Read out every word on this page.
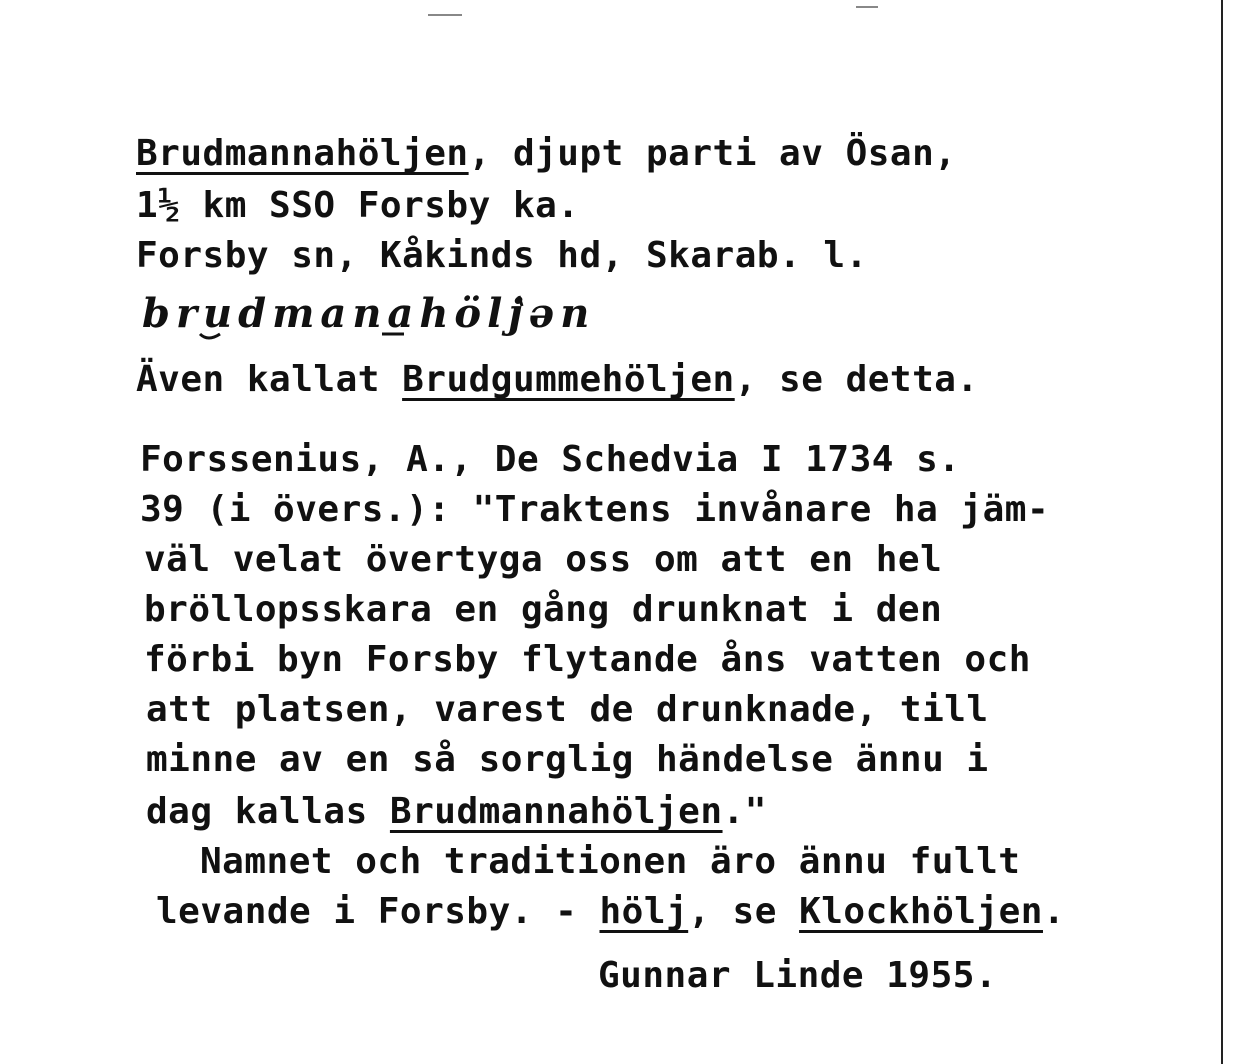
Brudmannahöljen, djupt parti av Ösan,
1½ km SSO Forsby ka.
Forsby sn, Kåkinds hd, Skarab. l.
brudmanahöljən
Även kallat Brudgummehöljen, se detta.
Forssenius, A., De Schedvia I 1734 s.
39 (i övers.): "Traktens invånare ha jäm-
väl velat övertyga oss om att en hel
bröllopsskara en gång drunknat i den
förbi byn Forsby flytande åns vatten och
att platsen, varest de drunknade, till
minne av en så sorglig händelse ännu i
dag kallas Brudmannahöljen."
Namnet och traditionen äro ännu fullt
levande i Forsby. - hölj, se Klockhöljen.
Gunnar Linde 1955.
